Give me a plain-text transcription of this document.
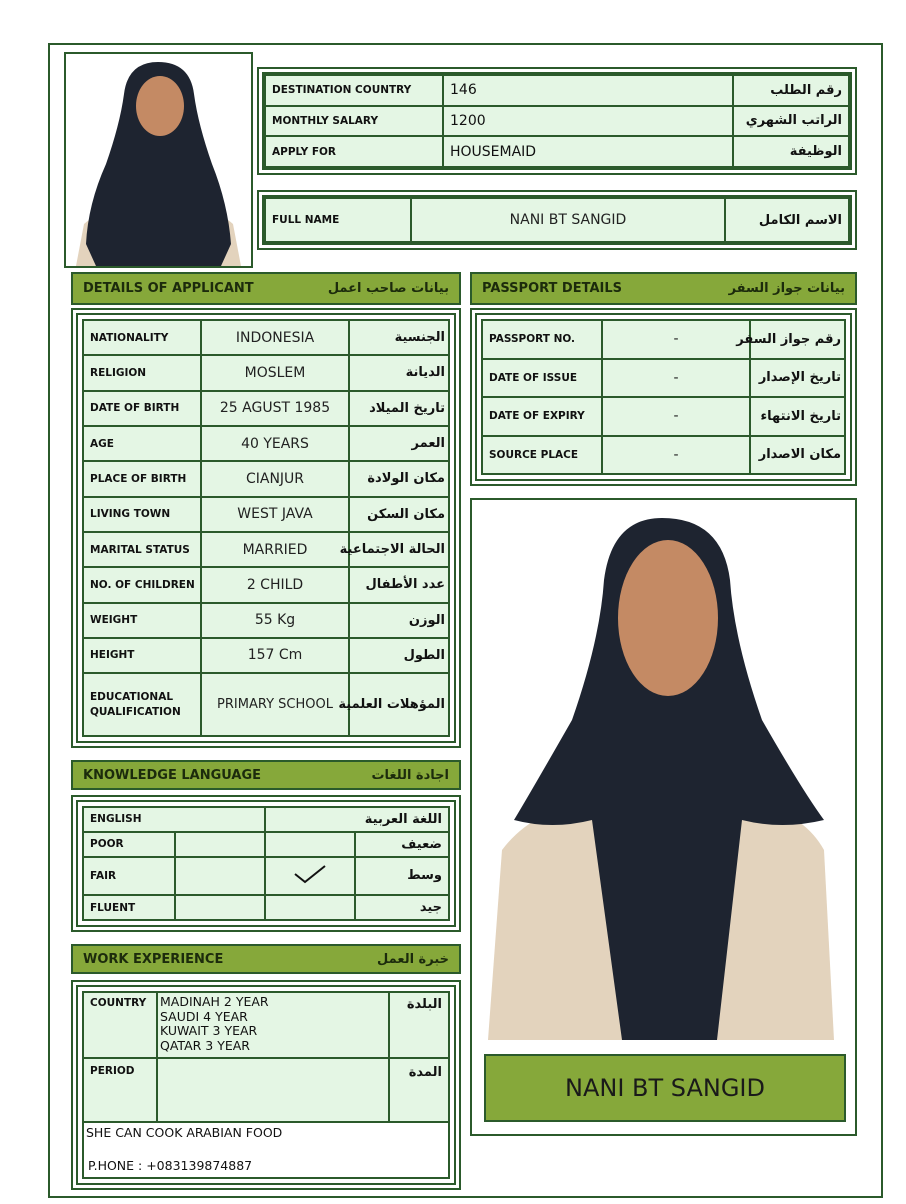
DESTINATION COUNTRY	146	رقم الطلب
MONTHLY SALARY	1200	الراتب الشهري
APPLY FOR	HOUSEMAID	الوظيفة
FULL NAME	NANI BT SANGID	الاسم الكامل
DETAILS OF APPLICANT	بيانات صاحب اعمل	PASSPORT DETAILS	بيانات جواز السفر
NATIONALITY	INDONESIA	الجنسية
RELIGION	MOSLEM	الديانة
DATE OF BIRTH	25 AGUST 1985	تاريخ الميلاد
AGE	40 YEARS	العمر
PLACE OF BIRTH	CIANJUR	مكان الولادة
LIVING TOWN	WEST JAVA	مكان السكن
MARITAL STATUS	MARRIED	الحالة الاجتماعية
NO. OF CHILDREN	2 CHILD	عدد الأطفال
WEIGHT	55 Kg	الوزن
HEIGHT	157 Cm	الطول
EDUCATIONAL QUALIFICATION	PRIMARY SCHOOL	المؤهلات العلمية
PASSPORT NO.	-	رقم جواز السفر
DATE OF ISSUE	-	تاريخ الإصدار
DATE OF EXPIRY	-	تاريخ الانتهاء
SOURCE PLACE	-	مكان الاصدار
NANI BT SANGID
KNOWLEDGE LANGUAGE	اجادة اللغات
ENGLISH		اللغة العربية	
POOR			ضعيف
FAIR			وسط
FLUENT			جيد
WORK EXPERIENCE	خبرة العمل
COUNTRY	MADINAH 2 YEAR
SAUDI 4 YEAR
KUWAIT 3 YEAR
QATAR 3 YEAR	البلدة
PERIOD		المدة

SHE CAN COOK ARABIAN FOOD
P.HONE : +083139874887		
